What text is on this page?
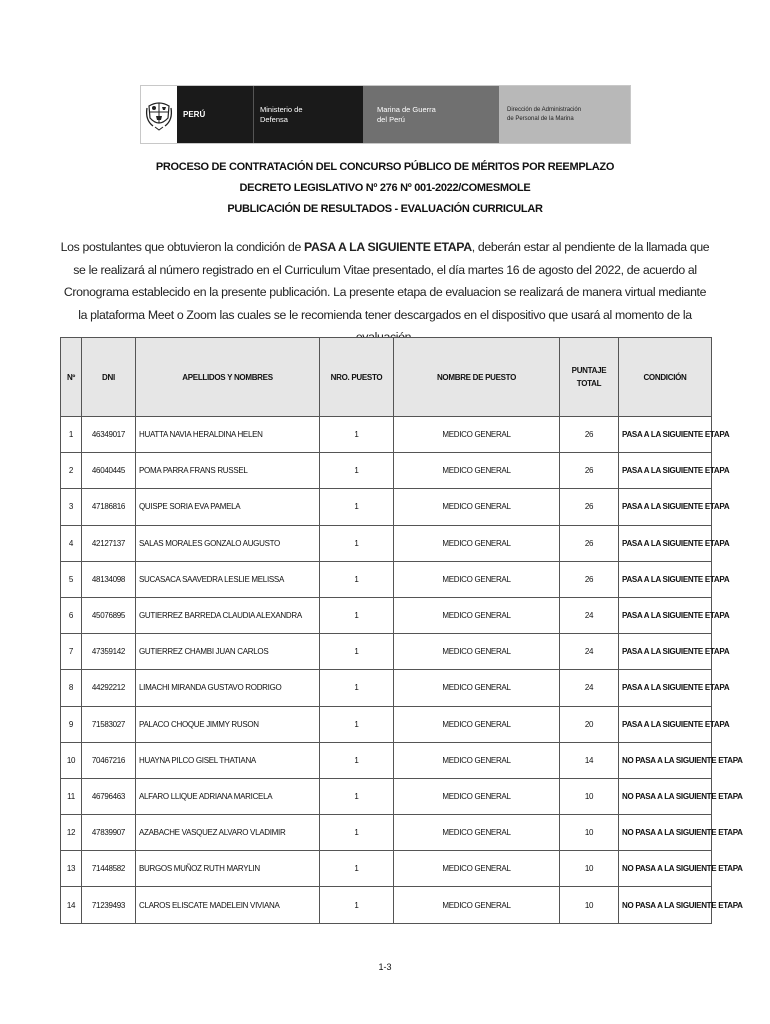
PERÚ
Ministerio de
Defensa
Marina de Guerra
del Perú
Dirección de Administración
de Personal de la Marina
PROCESO DE CONTRATACIÓN DEL CONCURSO PÚBLICO DE MÉRITOS POR REEMPLAZO
DECRETO LEGISLATIVO Nº 276 Nº 001-2022/COMESMOLE
PUBLICACIÓN DE RESULTADOS - EVALUACIÓN CURRICULAR
Los postulantes que obtuvieron la condición de PASA A LA SIGUIENTE ETAPA, deberán estar al pendiente de la llamada que se le realizará al número registrado en el Curriculum Vitae presentado, el día martes 16 de agosto del 2022, de acuerdo al Cronograma establecido en la presente publicación. La presente etapa de evaluacion se realizará de manera virtual mediante la plataforma Meet o Zoom las cuales se le recomienda tener descargados en el dispositivo que usará al momento de la
Nº	DNI	APELLIDOS Y NOMBRES	NRO. PUESTO	NOMBRE DE PUESTO	PUNTAJE
TOTAL	CONDICIÓN
1	46349017	HUATTA NAVIA HERALDINA HELEN	1	MEDICO GENERAL	26	PASA A LA SIGUIENTE ETAPA
2	46040445	POMA PARRA FRANS RUSSEL	1	MEDICO GENERAL	26	PASA A LA SIGUIENTE ETAPA
3	47186816	QUISPE SORIA EVA PAMELA	1	MEDICO GENERAL	26	PASA A LA SIGUIENTE ETAPA
4	42127137	SALAS MORALES GONZALO AUGUSTO	1	MEDICO GENERAL	26	PASA A LA SIGUIENTE ETAPA
5	48134098	SUCASACA SAAVEDRA LESLIE MELISSA	1	MEDICO GENERAL	26	PASA A LA SIGUIENTE ETAPA
6	45076895	GUTIERREZ BARREDA CLAUDIA ALEXANDRA	1	MEDICO GENERAL	24	PASA A LA SIGUIENTE ETAPA
7	47359142	GUTIERREZ CHAMBI JUAN CARLOS	1	MEDICO GENERAL	24	PASA A LA SIGUIENTE ETAPA
8	44292212	LIMACHI MIRANDA GUSTAVO RODRIGO	1	MEDICO GENERAL	24	PASA A LA SIGUIENTE ETAPA
9	71583027	PALACO CHOQUE JIMMY RUSON	1	MEDICO GENERAL	20	PASA A LA SIGUIENTE ETAPA
10	70467216	HUAYNA PILCO GISEL THATIANA	1	MEDICO GENERAL	14	NO PASA A LA SIGUIENTE ETAPA
11	46796463	ALFARO LLIQUE ADRIANA MARICELA	1	MEDICO GENERAL	10	NO PASA A LA SIGUIENTE ETAPA
12	47839907	AZABACHE VASQUEZ ALVARO VLADIMIR	1	MEDICO GENERAL	10	NO PASA A LA SIGUIENTE ETAPA
13	71448582	BURGOS MUÑOZ RUTH MARYLIN	1	MEDICO GENERAL	10	NO PASA A LA SIGUIENTE ETAPA
14	71239493	CLAROS ELISCATE MADELEIN VIVIANA	1	MEDICO GENERAL	10	NO PASA A LA SIGUIENTE ETAPA
1-3
